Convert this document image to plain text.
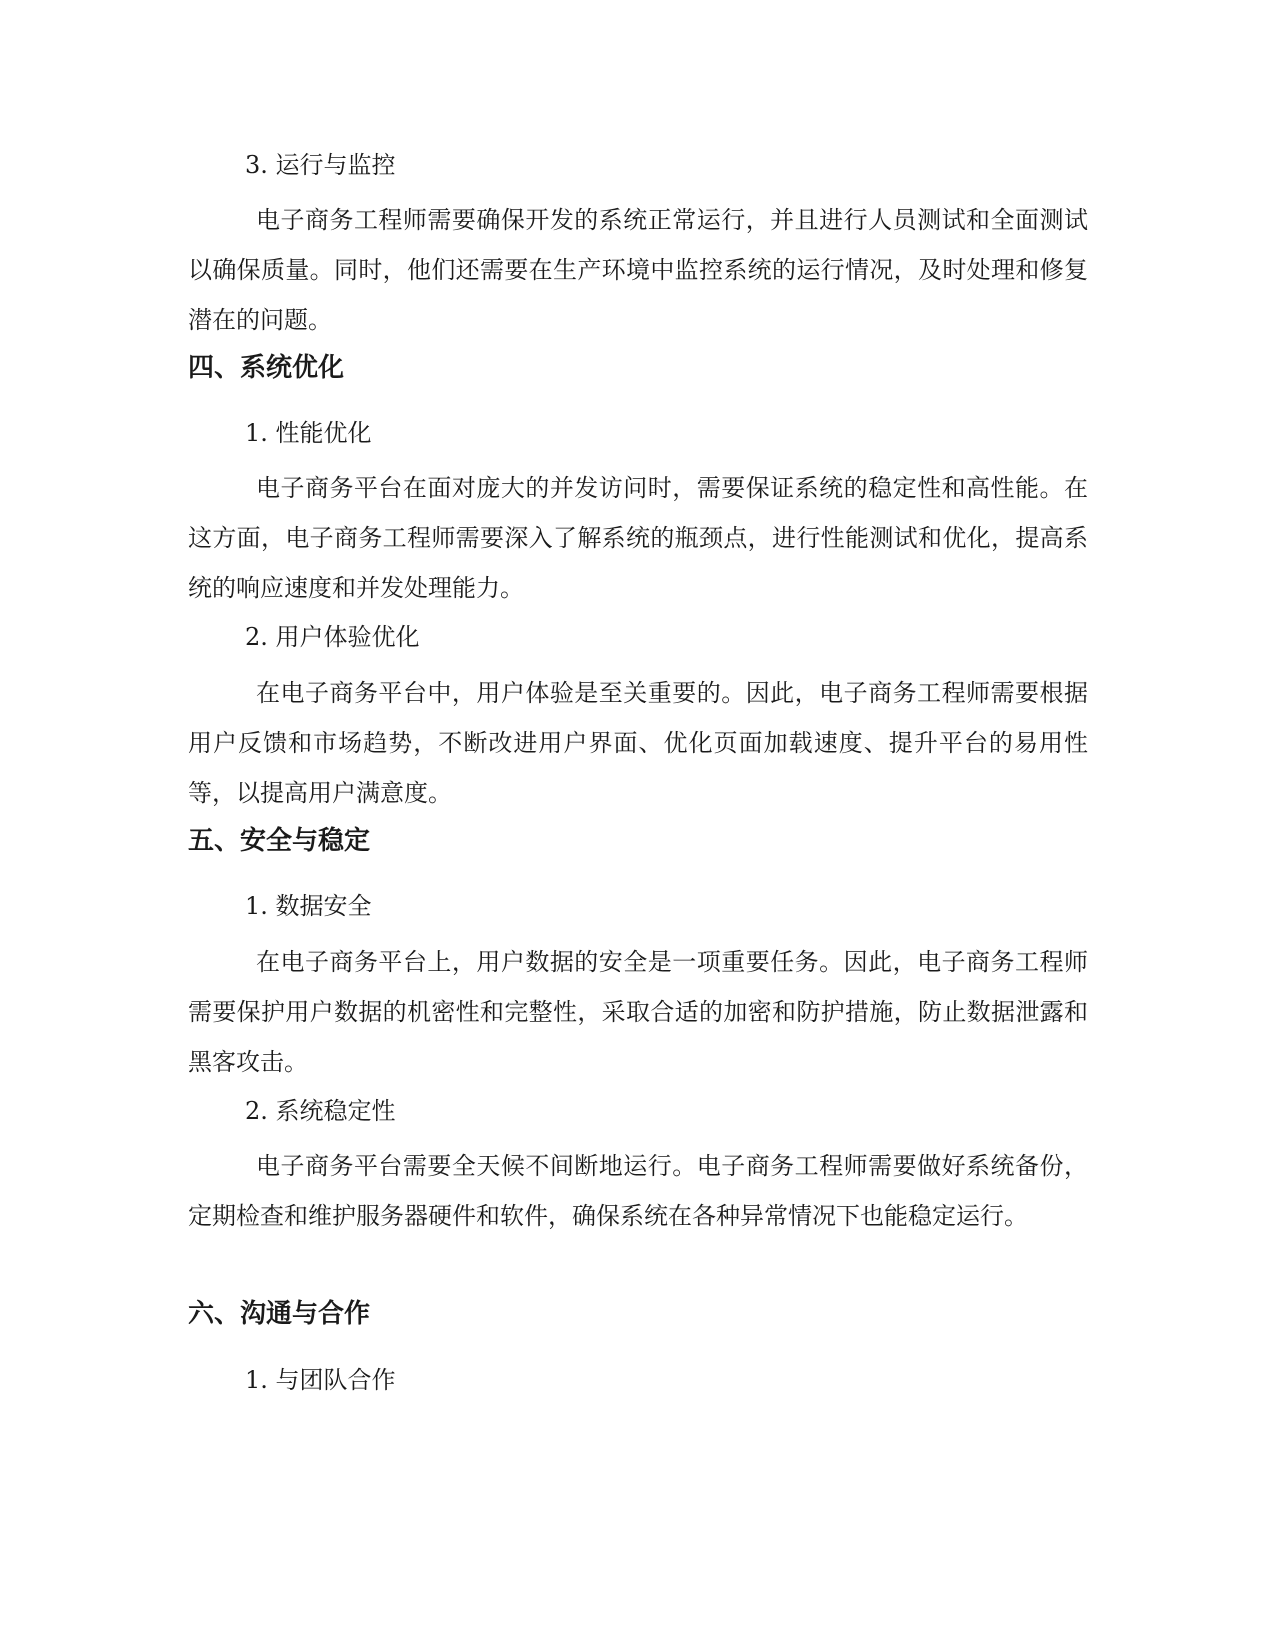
3. 运行与监控
电子商务工程师需要确保开发的系统正常运行，并且进行人员测试和全面测试以确保质量。同时，他们还需要在生产环境中监控系统的运行情况，及时处理和修复潜在的问题。
四、系统优化
1. 性能优化
电子商务平台在面对庞大的并发访问时，需要保证系统的稳定性和高性能。在这方面，电子商务工程师需要深入了解系统的瓶颈点，进行性能测试和优化，提高系统的响应速度和并发处理能力。
2. 用户体验优化
在电子商务平台中，用户体验是至关重要的。因此，电子商务工程师需要根据用户反馈和市场趋势，不断改进用户界面、优化页面加载速度、提升平台的易用性等，以提高用户满意度。
五、安全与稳定
1. 数据安全
在电子商务平台上，用户数据的安全是一项重要任务。因此，电子商务工程师需要保护用户数据的机密性和完整性，采取合适的加密和防护措施，防止数据泄露和黑客攻击。
2. 系统稳定性
电子商务平台需要全天候不间断地运行。电子商务工程师需要做好系统备份，定期检查和维护服务器硬件和软件，确保系统在各种异常情况下也能稳定运行。
六、沟通与合作
1. 与团队合作
